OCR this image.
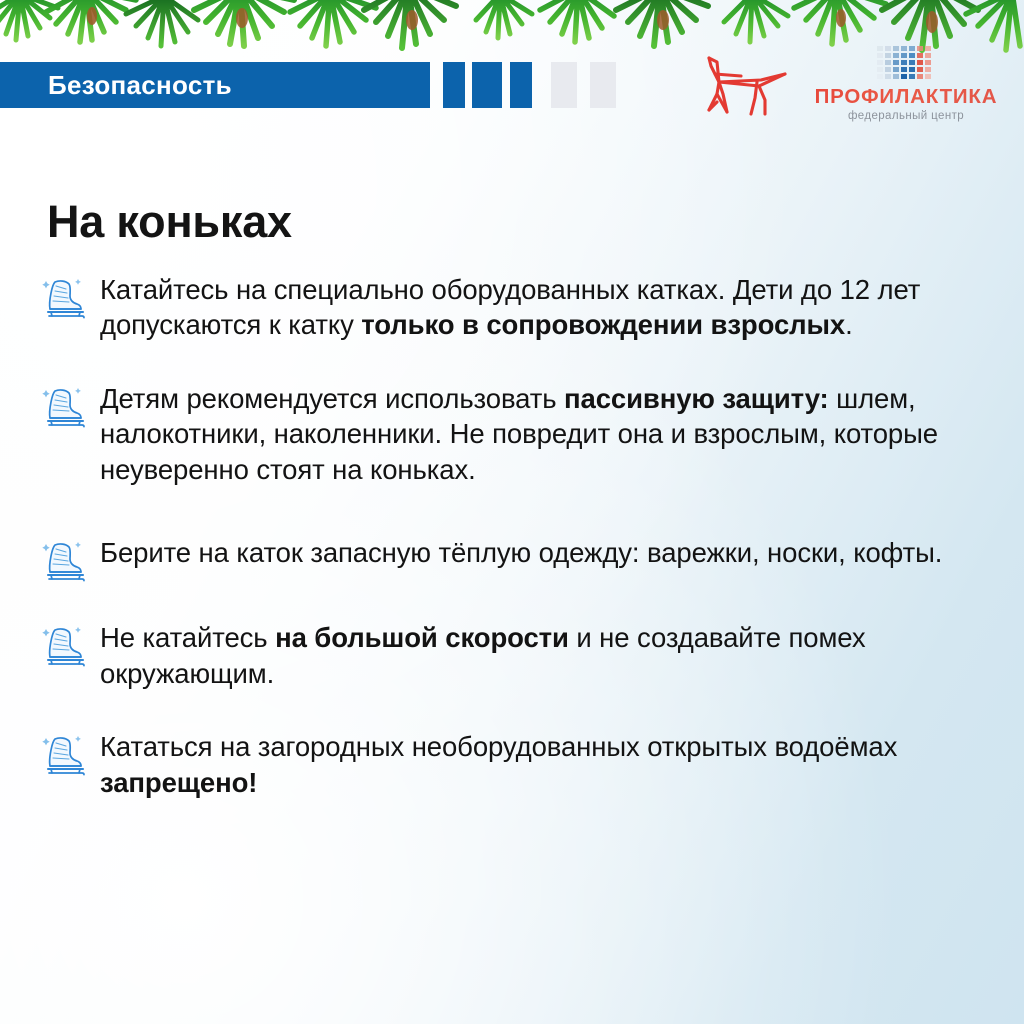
Безопасность	ПРОФИЛАКТИКА
федеральный центр
На коньках
Катайтесь на специально оборудованных катках. Дети до 12 лет допускаются к катку только в сопровождении взрослых.
Детям рекомендуется использовать пассивную защиту: шлем, налокотники, наколенники. Не повредит она и взрослым, которые неуверенно стоят на коньках.
Берите на каток запасную тёплую одежду: варежки, носки, кофты.
Не катайтесь на большой скорости и не создавайте помех окружающим.
Кататься на загородных необорудованных открытых водоёмах запрещено!
